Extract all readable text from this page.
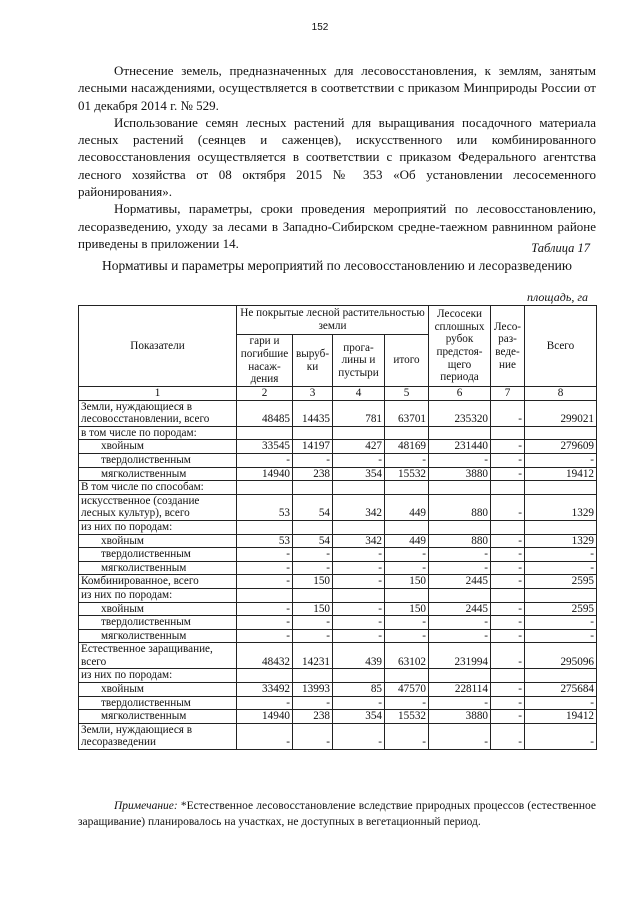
152

Отнесение земель, предназначенных для лесовосстановления, к землям, занятым лесными насаждениями, осуществляется в соответствии с приказом Минприроды России от 01 декабря 2014 г. № 529.

Использование семян лесных растений для выращивания посадочного материала лесных растений (сеянцев и саженцев), искусственного или комбинированного лесовосстановления осуществляется в соответствии с приказом Федерального агентства лесного хозяйства от 08 октября 2015 № 353 «Об установлении лесосеменного районирования».

Нормативы, параметры, сроки проведения мероприятий по лесовосстановлению, лесоразведению, уходу за лесами в Западно-Сибирском средне-таежном равнинном районе приведены в приложении 14.	Таблица 17
Нормативы и параметры мероприятий по лесовосстановлению и лесоразведению
площадь, га
Показатели	Не покрытые лесной растительностью земли				Лесосеки сплошных рубок предстоя-щего периода	Лесо-раз-веде-ние	Всего
	гари и погибшие насаж-дения	выруб-ки	прога-лины и пустыри	итого			
1	2	3	4	5	6	7	8
Земли, нуждающиеся в лесовосстановлении, всего	48485	14435	781	63701	235320	-	299021
в том числе по породам:							
хвойным	33545	14197	427	48169	231440	-	279609
твердолиственным	-	-	-	-	-	-	-
мягколиственным	14940	238	354	15532	3880	-	19412
В том числе по способам:							
искусственное (создание лесных культур), всего	53	54	342	449	880	-	1329
из них по породам:							
хвойным	53	54	342	449	880	-	1329
твердолиственным	-	-	-	-	-	-	-
мягколиственным	-	-	-	-	-	-	-
Комбинированное, всего	-	150	-	150	2445	-	2595
из них по породам:							
хвойным	-	150	-	150	2445	-	2595
твердолиственным	-	-	-	-	-	-	-
мягколиственным	-	-	-	-	-	-	-
Естественное заращивание, всего	48432	14231	439	63102	231994	-	295096
из них по породам:							
хвойным	33492	13993	85	47570	228114	-	275684
твердолиственным	-	-	-	-	-	-	-
мягколиственным	14940	238	354	15532	3880	-	19412
Земли, нуждающиеся в лесоразведении	-	-	-	-	-	-	-
Примечание: *Естественное лесовосстановление вследствие природных процессов (естественное заращивание) планировалось на участках, не доступных в вегетационный период.
